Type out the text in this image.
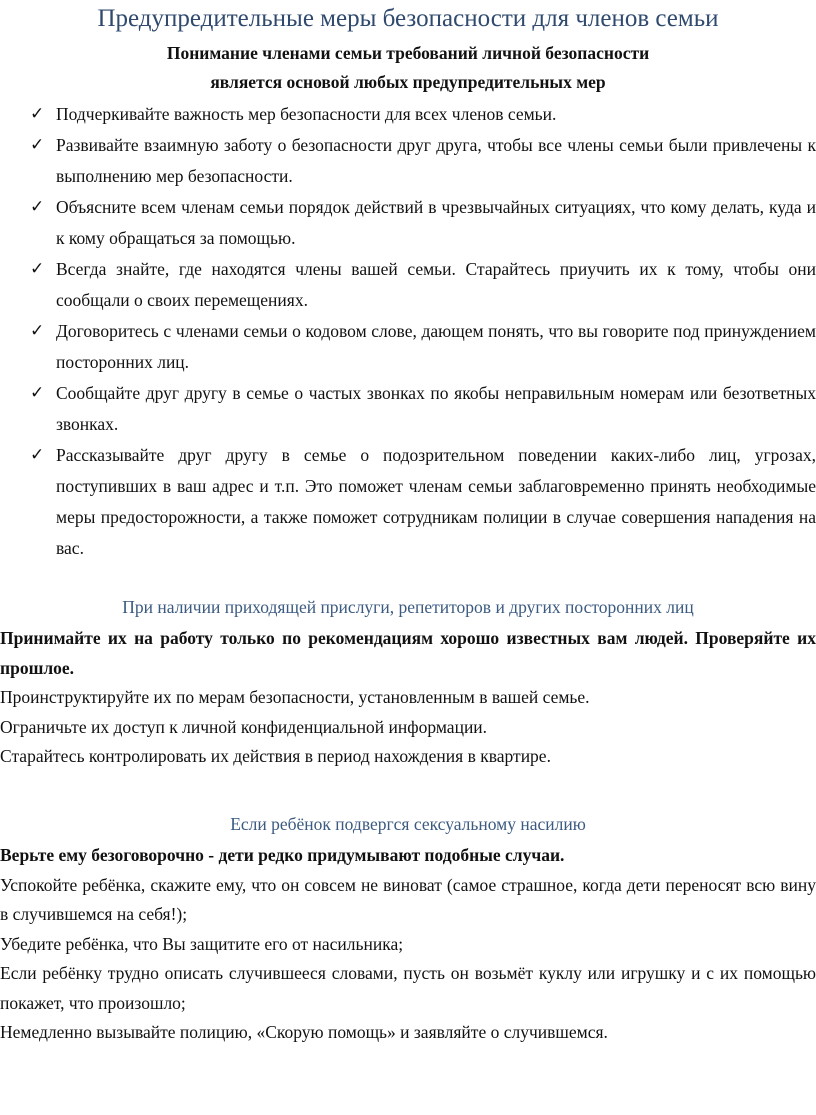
Предупредительные меры безопасности для членов семьи
Понимание членами семьи требований личной безопасности
является основой любых предупредительных мер
✓ Подчеркивайте важность мер безопасности для всех членов семьи.
✓ Развивайте взаимную заботу о безопасности друг друга, чтобы все члены семьи были привлечены к выполнению мер безопасности.
✓ Объясните всем членам семьи порядок действий в чрезвычайных ситуациях, что кому делать, куда и к кому обращаться за помощью.
✓ Всегда знайте, где находятся члены вашей семьи. Старайтесь приучить их к тому, чтобы они сообщали о своих перемещениях.
✓ Договоритесь с членами семьи о кодовом слове, дающем понять, что вы говорите под принуждением посторонних лиц.
✓ Сообщайте друг другу в семье о частых звонках по якобы неправильным номерам или безответных звонках.
✓ Рассказывайте друг другу в семье о подозрительном поведении каких-либо лиц, угрозах, поступивших в ваш адрес и т.п. Это поможет членам семьи заблаговременно принять необходимые меры предосторожности, а также поможет сотрудникам полиции в случае совершения нападения на вас.
При наличии приходящей прислуги, репетиторов и других посторонних лиц

Принимайте их на работу только по рекомендациям хорошо известных вам людей. Проверяйте их прошлое.

Проинструктируйте их по мерам безопасности, установленным в вашей семье.

Ограничьте их доступ к личной конфиденциальной информации.

Старайтесь контролировать их действия в период нахождения в квартире.

Если ребёнок подвергся сексуальному насилию

Верьте ему безоговорочно - дети редко придумывают подобные случаи.

Успокойте ребёнка, скажите ему, что он совсем не виноват (самое страшное, когда дети переносят всю вину в случившемся на себя!);

Убедите ребёнка, что Вы защитите его от насильника;

Если ребёнку трудно описать случившееся словами, пусть он возьмёт куклу или игрушку и с их помощью покажет, что произошло;

Немедленно вызывайте полицию, «Скорую помощь» и заявляйте о случившемся.
